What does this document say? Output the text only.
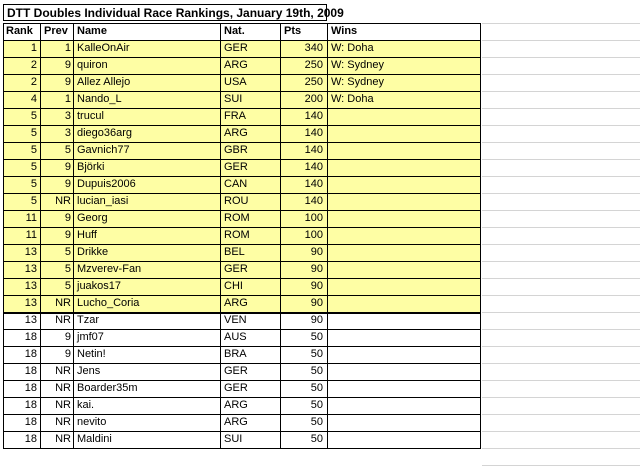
DTT Doubles Individual Race Rankings, January 19th, 2009
Rank	Prev Name	Nat.	Pts	Wins
1	1 KalleOnAir	GER	340 W: Doha
2	9 quiron	ARG	250 W: Sydney
2	9 Allez Allejo	USA	250 W: Sydney
4	1 Nando_L	SUI	200 W: Doha
5	3 trucul	FRA	140
5	3 diego36arg	ARG	140
5	5 Gavnich77	GBR	140
5	9 Björki	GER	140
5	9 Dupuis2006	CAN	140
5	NR lucian_iasi	ROU	140
11	9 Georg	ROM	100
11	9 Huff	ROM	100
13	5 Drikke	BEL	90
13	5 Mzverev-Fan	GER	90
13	5 juakos17	CHI	90
13	NR Lucho_Coria	ARG	90
13	NR Tzar	VEN	90
18	9 jmf07	AUS	50
18	9 Netin!	BRA	50
18	NR Jens	GER	50
18	NR Boarder35m	GER	50
18	NR kai.	ARG	50
18	NR nevito	ARG	50
18	NR Maldini	SUI	50
